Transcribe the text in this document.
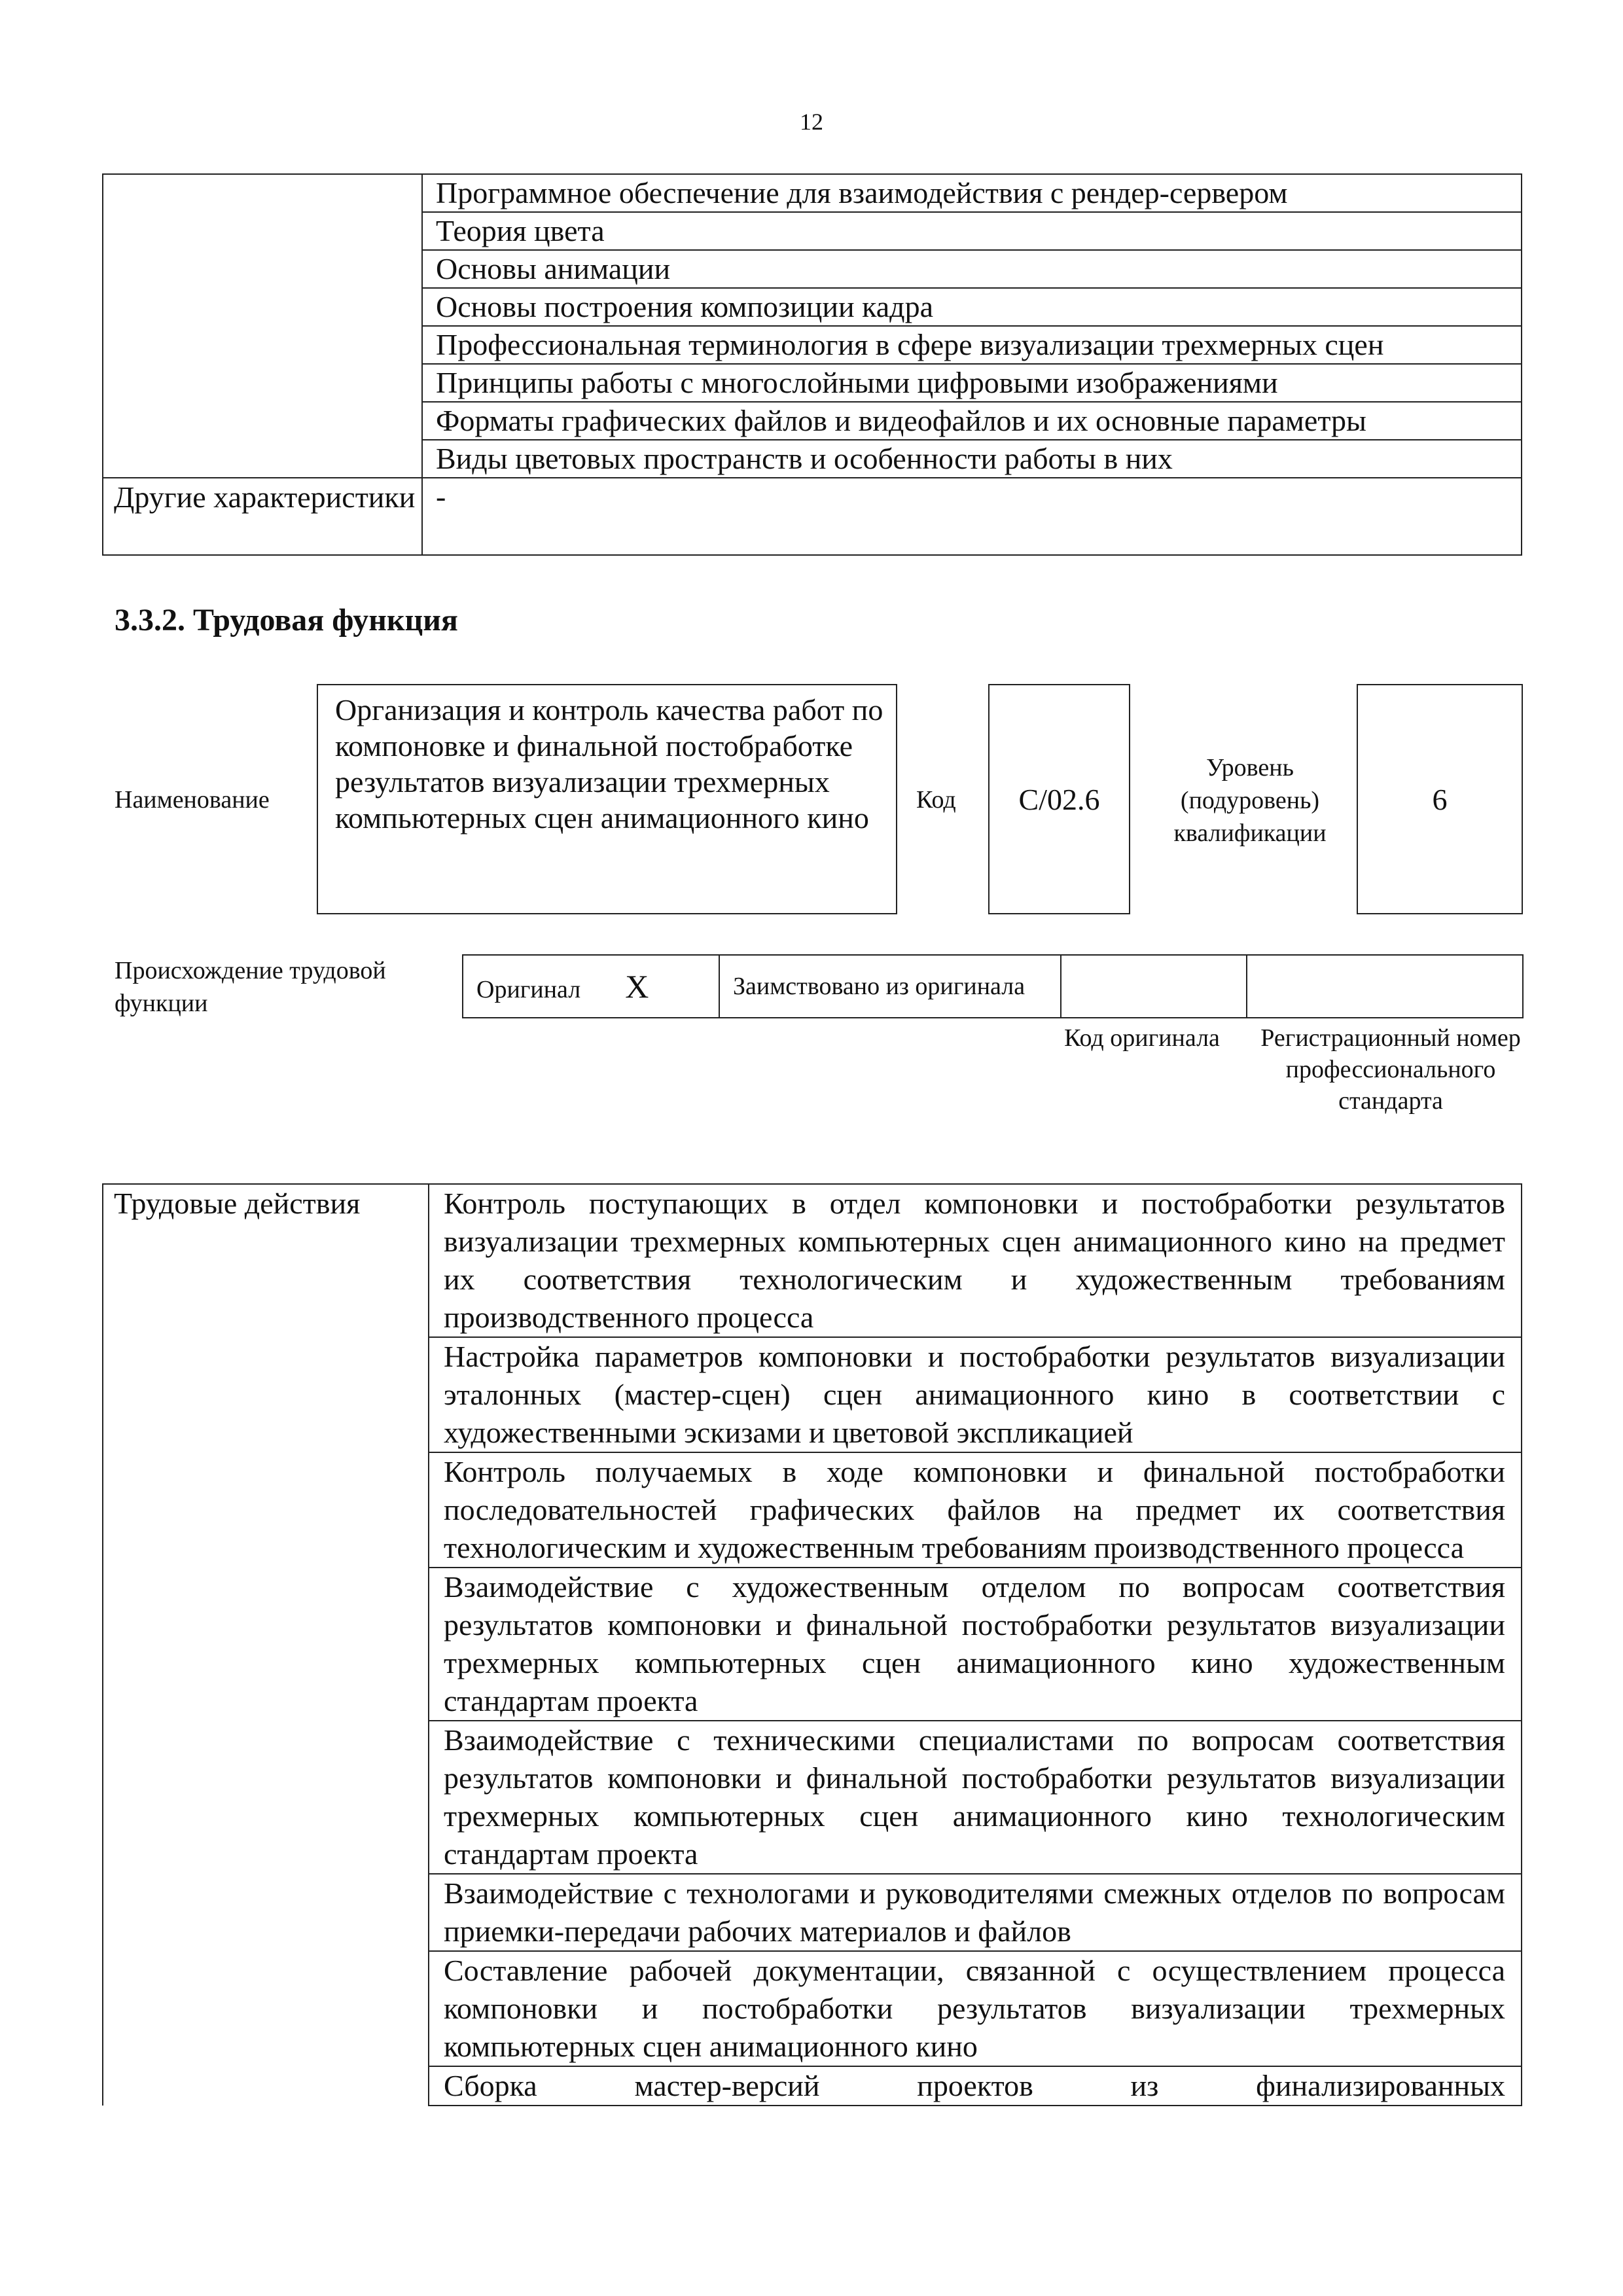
12
	Программное обеспечение для взаимодействия с рендер-сервером
	Теория цвета
	Основы анимации
	Основы построения композиции кадра
	Профессиональная терминология в сфере визуализации трехмерных сцен
	Принципы работы с многослойными цифровыми изображениями
	Форматы графических файлов и видеофайлов и их основные параметры
	Виды цветовых пространств и особенности работы в них
Другие характеристики	-
3.3.2. Трудовая функция
Наименование
Организация и контроль качества работ по компоновке и финальной постобработке результатов визуализации трехмерных компьютерных сцен анимационного кино
Код С/02.6
Уровень (подуровень) квалификации
6
Происхождение трудовой функции	Оригинал X	Заимствовано из оригинала		
Код оригинала	Регистрационный номер профессионального стандарта
Трудовые действия	Контроль поступающих в отдел компоновки и постобработки результатов визуализации трехмерных компьютерных сцен анимационного кино на предмет их соответствия технологическим и художественным требованиям производственного процесса
Настройка параметров компоновки и постобработки результатов визуализации эталонных (мастер-сцен) сцен анимационного кино в соответствии с художественными эскизами и цветовой экспликацией
Контроль получаемых в ходе компоновки и финальной постобработки последовательностей графических файлов на предмет их соответствия технологическим и художественным требованиям производственного процесса
Взаимодействие с художественным отделом по вопросам соответствия результатов компоновки и финальной постобработки результатов визуализации трехмерных компьютерных сцен анимационного кино художественным стандартам проекта
Взаимодействие с техническими специалистами по вопросам соответствия результатов компоновки и финальной постобработки результатов визуализации трехмерных компьютерных сцен анимационного кино технологическим стандартам проекта
Взаимодействие с технологами и руководителями смежных отделов по вопросам приемки-передачи рабочих материалов и файлов
Составление рабочей документации, связанной с осуществлением процесса компоновки и постобработки результатов визуализации трехмерных компьютерных сцен анимационного кино
Сборка мастер-версий проектов из финализированных
